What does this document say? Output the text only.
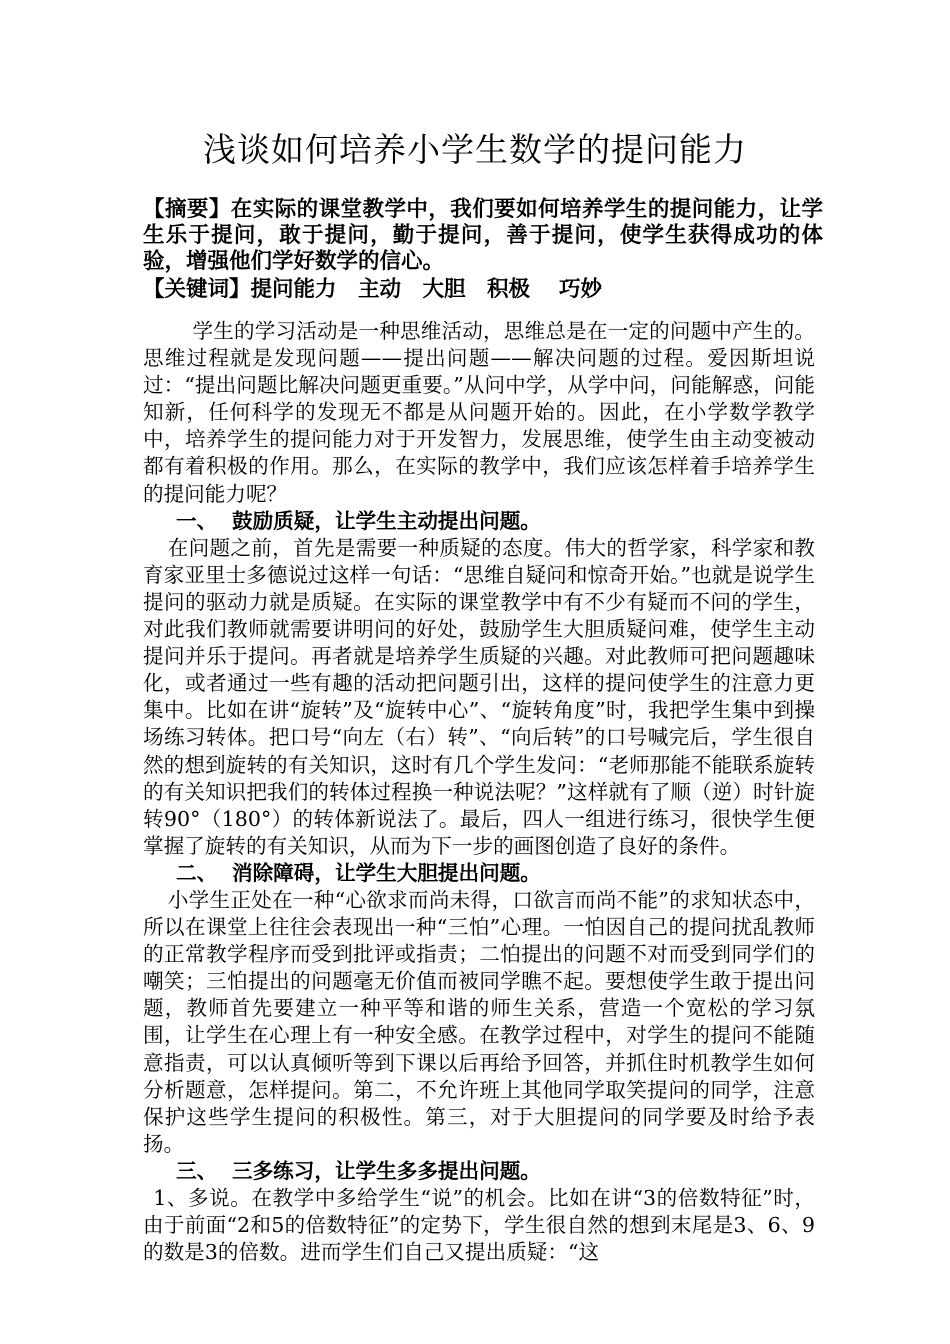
浅谈如何培养小学生数学的提问能力
【摘要】在实际的课堂教学中，我们要如何培养学生的提问能力，让学生乐于提问，敢于提问，勤于提问，善于提问，使学生获得成功的体验，增强他们学好数学的信心。
【关键词】提问能力　主动　大胆　积极　 巧妙

学生的学习活动是一种思维活动，思维总是在一定的问题中产生的。思维过程就是发现问题——提出问题——解决问题的过程。爱因斯坦说过：“提出问题比解决问题更重要。”从问中学，从学中问，问能解惑，问能知新，任何科学的发现无不都是从问题开始的。因此，在小学数学教学中，培养学生的提问能力对于开发智力，发展思维，使学生由主动变被动都有着积极的作用。那么，在实际的教学中，我们应该怎样着手培养学生的提问能力呢？

一、 鼓励质疑，让学生主动提出问题。

在问题之前，首先是需要一种质疑的态度。伟大的哲学家，科学家和教育家亚里士多德说过这样一句话：“思维自疑问和惊奇开始。”也就是说学生提问的驱动力就是质疑。在实际的课堂教学中有不少有疑而不问的学生，对此我们教师就需要讲明问的好处，鼓励学生大胆质疑问难，使学生主动提问并乐于提问。再者就是培养学生质疑的兴趣。对此教师可把问题趣味化，或者通过一些有趣的活动把问题引出，这样的提问使学生的注意力更集中。比如在讲“旋转”及“旋转中心”、“旋转角度”时，我把学生集中到操场练习转体。把口号“向左（右）转”、“向后转”的口号喊完后，学生很自然的想到旋转的有关知识，这时有几个学生发问：“老师那能不能联系旋转的有关知识把我们的转体过程换一种说法呢？”这样就有了顺（逆）时针旋转90°（180°）的转体新说法了。最后，四人一组进行练习，很快学生便掌握了旋转的有关知识，从而为下一步的画图创造了良好的条件。

二、 消除障碍，让学生大胆提出问题。

小学生正处在一种“心欲求而尚未得，口欲言而尚不能”的求知状态中，所以在课堂上往往会表现出一种“三怕”心理。一怕因自己的提问扰乱教师的正常教学程序而受到批评或指责；二怕提出的问题不对而受到同学们的嘲笑；三怕提出的问题毫无价值而被同学瞧不起。要想使学生敢于提出问题，教师首先要建立一种平等和谐的师生关系，营造一个宽松的学习氛围，让学生在心理上有一种安全感。在教学过程中，对学生的提问不能随意指责，可以认真倾听等到下课以后再给予回答，并抓住时机教学生如何分析题意，怎样提问。第二，不允许班上其他同学取笑提问的同学，注意保护这些学生提问的积极性。第三，对于大胆提问的同学要及时给予表扬。

三、 三多练习，让学生多多提出问题。

1、多说。在教学中多给学生“说”的机会。比如在讲“3的倍数特征”时，由于前面“2和5的倍数特征”的定势下，学生很自然的想到末尾是3、6、9的数是3的倍数。进而学生们自己又提出质疑：“这
